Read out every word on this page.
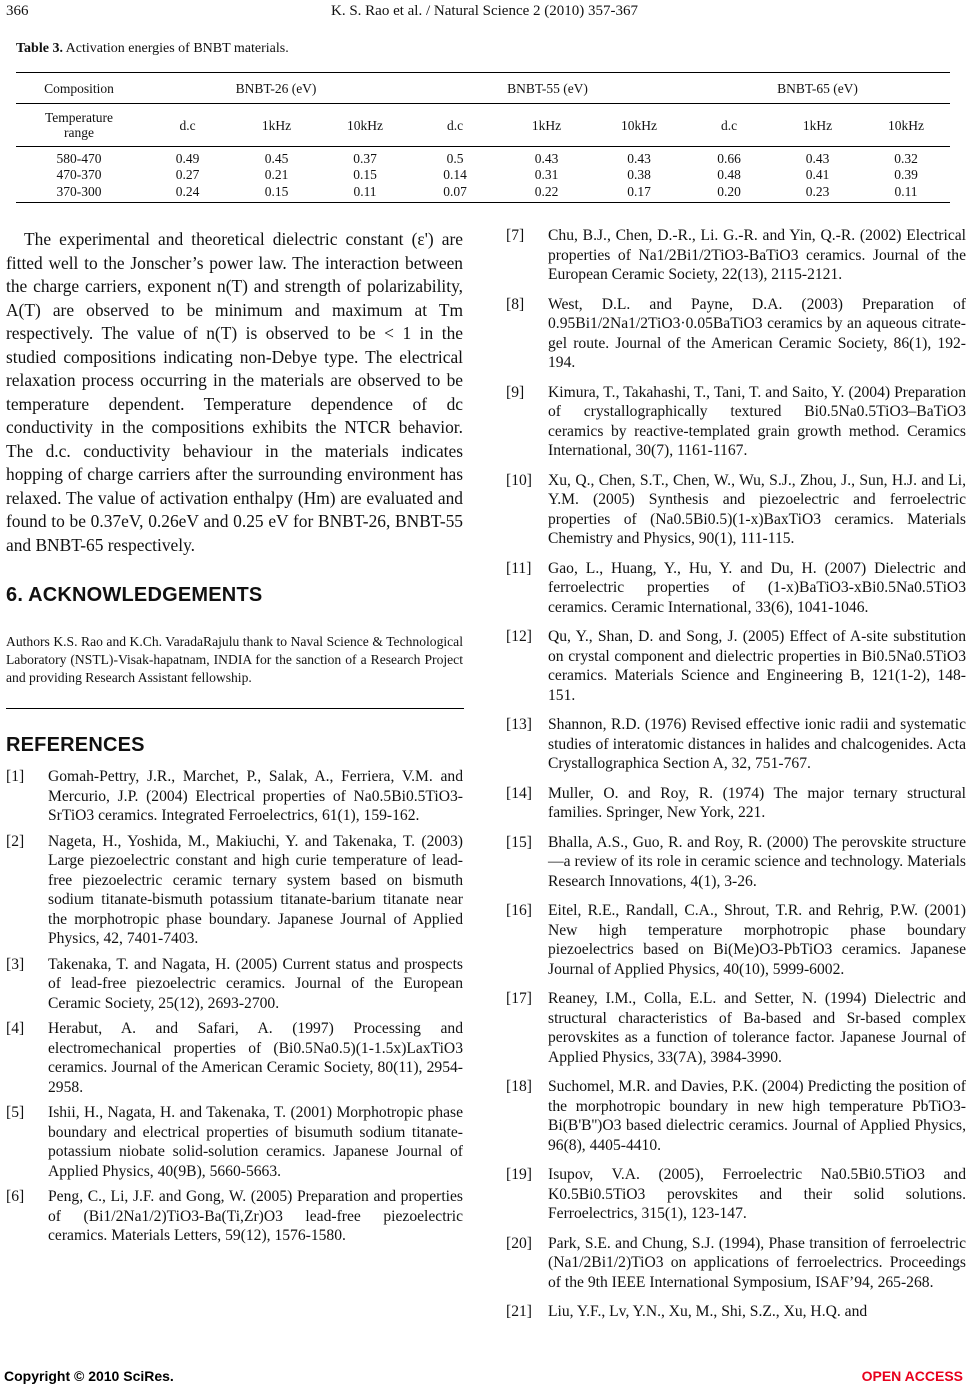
366	K. S. Rao et al. / Natural Science 2 (2010) 357-367
Table 3. Activation energies of BNBT materials.
Composition	BNBT-26 (eV)			BNBT-55 (eV)			BNBT-65 (eV)		
Temperature
range	d.c	1kHz	10kHz	d.c	1kHz	10kHz	d.c	1kHz	10kHz
580-470	0.49	0.45	0.37	0.5	0.43	0.43	0.66	0.43	0.32
470-370	0.27	0.21	0.15	0.14	0.31	0.38	0.48	0.41	0.39
370-300	0.24	0.15	0.11	0.07	0.22	0.17	0.20	0.23	0.11

The experimental and theoretical dielectric constant (ε') are fitted well to the Jonscher’s power law. The interaction between the charge carriers, exponent n(T) and strength of polarizability, A(T) are observed to be minimum and maximum at Tm respectively. The value of n(T) is observed to be < 1 in the studied compositions indicating non-Debye type. The electrical relaxation process occurring in the materials are observed to be temperature dependent. Temperature dependence of dc conductivity in the compositions exhibits the NTCR behavior. The d.c. conductivity behaviour in the materials indicates hopping of charge carriers after the surrounding environment has relaxed. The value of activation enthalpy (Hm) are evaluated and found to be 0.37eV, 0.26eV and 0.25 eV for BNBT-26, BNBT-55 and BNBT-65 respectively.

6. ACKNOWLEDGEMENTS

Authors K.S. Rao and K.Ch. VaradaRajulu thank to Naval Science & Technological Laboratory (NSTL)-Visak-hapatnam, INDIA for the sanction of a Research Project and providing Research Assistant fellowship.

REFERENCES
[1]	Gomah-Pettry, J.R., Marchet, P., Salak, A., Ferriera, V.M. and Mercurio, J.P. (2004) Electrical properties of Na0.5Bi0.5TiO3-SrTiO3 ceramics. Integrated Ferroelectrics, 61(1), 159-162.
[2]	Nageta, H., Yoshida, M., Makiuchi, Y. and Takenaka, T. (2003) Large piezoelectric constant and high curie temperature of lead-free piezoelectric ceramic ternary system based on bismuth sodium titanate-bismuth potassium titanate-barium titanate near the morphotropic phase boundary. Japanese Journal of Applied Physics, 42, 7401-7403.
[3]	Takenaka, T. and Nagata, H. (2005) Current status and prospects of lead-free piezoelectric ceramics. Journal of the European Ceramic Society, 25(12), 2693-2700.
[4]	Herabut, A. and Safari, A. (1997) Processing and electromechanical properties of (Bi0.5Na0.5)(1-1.5x)LaxTiO3 ceramics. Journal of the American Ceramic Society, 80(11), 2954-2958.
[5]	Ishii, H., Nagata, H. and Takenaka, T. (2001) Morphotropic phase boundary and electrical properties of bisumuth sodium titanate-potassium niobate solid-solution ceramics. Japanese Journal of Applied Physics, 40(9B), 5660-5663.
[6]	Peng, C., Li, J.F. and Gong, W. (2005) Preparation and properties of (Bi1/2Na1/2)TiO3-Ba(Ti,Zr)O3 lead-free piezoelectric ceramics. Materials Letters, 59(12), 1576-1580.
[7]	Chu, B.J., Chen, D.-R., Li. G.-R. and Yin, Q.-R. (2002) Electrical properties of Na1/2Bi1/2TiO3-BaTiO3 ceramics. Journal of the European Ceramic Society, 22(13), 2115-2121.
[8]	West, D.L. and Payne, D.A. (2003) Preparation of 0.95Bi1/2Na1/2TiO3·0.05BaTiO3 ceramics by an aqueous citrate-gel route. Journal of the American Ceramic Society, 86(1), 192-194.
[9]	Kimura, T., Takahashi, T., Tani, T. and Saito, Y. (2004) Preparation of crystallographically textured Bi0.5Na0.5TiO3–BaTiO3 ceramics by reactive-templated grain growth method. Ceramics International, 30(7), 1161-1167.
[10]	Xu, Q., Chen, S.T., Chen, W., Wu, S.J., Zhou, J., Sun, H.J. and Li, Y.M. (2005) Synthesis and piezoelectric and ferroelectric properties of (Na0.5Bi0.5)(1-x)BaxTiO3 ceramics. Materials Chemistry and Physics, 90(1), 111-115.
[11]	Gao, L., Huang, Y., Hu, Y. and Du, H. (2007) Dielectric and ferroelectric properties of (1-x)BaTiO3-xBi0.5Na0.5TiO3 ceramics. Ceramic International, 33(6), 1041-1046.
[12]	Qu, Y., Shan, D. and Song, J. (2005) Effect of A-site substitution on crystal component and dielectric properties in Bi0.5Na0.5TiO3 ceramics. Materials Science and Engineering B, 121(1-2), 148-151.
[13]	Shannon, R.D. (1976) Revised effective ionic radii and systematic studies of interatomic distances in halides and chalcogenides. Acta Crystallographica Section A, 32, 751-767.
[14]	Muller, O. and Roy, R. (1974) The major ternary structural families. Springer, New York, 221.
[15]	Bhalla, A.S., Guo, R. and Roy, R. (2000) The perovskite structure—a review of its role in ceramic science and technology. Materials Research Innovations, 4(1), 3-26.
[16]	Eitel, R.E., Randall, C.A., Shrout, T.R. and Rehrig, P.W. (2001) New high temperature morphotropic phase boundary piezoelectrics based on Bi(Me)O3-PbTiO3 ceramics. Japanese Journal of Applied Physics, 40(10), 5999-6002.
[17]	Reaney, I.M., Colla, E.L. and Setter, N. (1994) Dielectric and structural characteristics of Ba-based and Sr-based complex perovskites as a function of tolerance factor. Japanese Journal of Applied Physics, 33(7A), 3984-3990.
[18]	Suchomel, M.R. and Davies, P.K. (2004) Predicting the position of the morphotropic boundary in new high temperature PbTiO3-Bi(B'B'')O3 based dielectric ceramics. Journal of Applied Physics, 96(8), 4405-4410.
[19]	Isupov, V.A. (2005), Ferroelectric Na0.5Bi0.5TiO3 and K0.5Bi0.5TiO3 perovskites and their solid solutions. Ferroelectrics, 315(1), 123-147.
[20]	Park, S.E. and Chung, S.J. (1994), Phase transition of ferroelectric (Na1/2Bi1/2)TiO3 on applications of ferroelectrics. Proceedings of the 9th IEEE International Symposium, ISAF’94, 265-268.
[21]	Liu, Y.F., Lv, Y.N., Xu, M., Shi, S.Z., Xu, H.Q. and
Copyright © 2010 SciRes.	OPEN ACCESS
